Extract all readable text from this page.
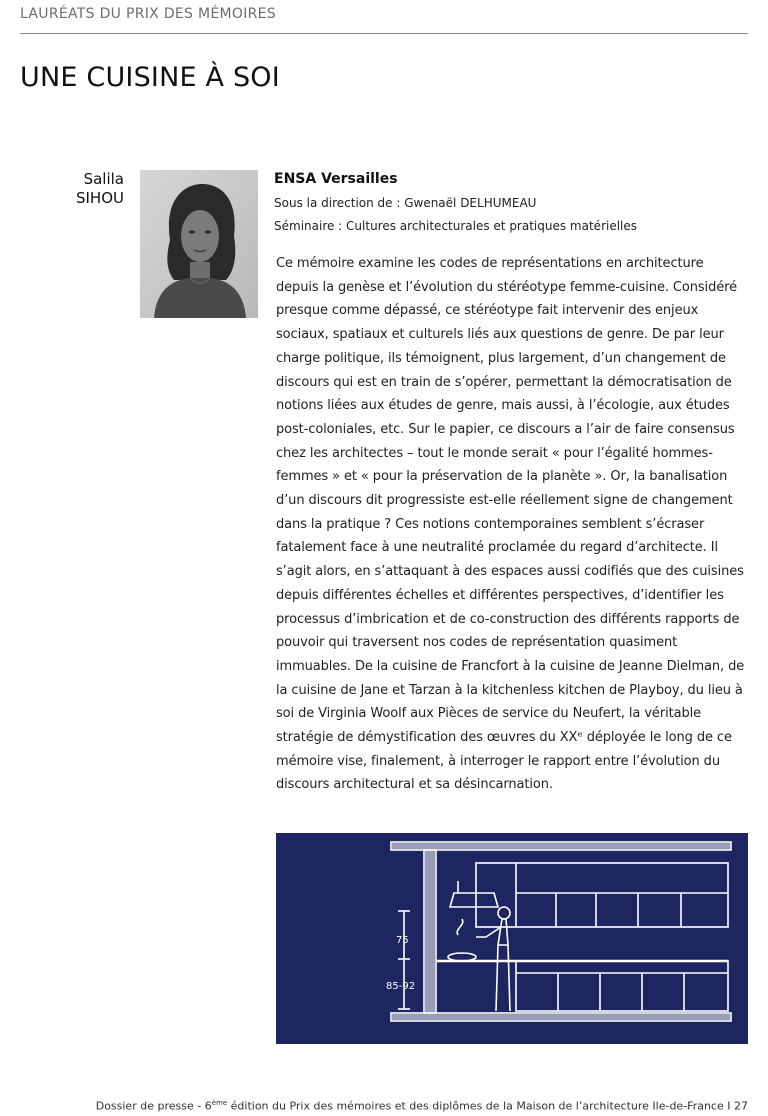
LAURÉATS DU PRIX DES MÉMOIRES
UNE CUISINE À SOI
Salila
SIHOU
ENSA Versailles
Sous la direction de : Gwenaël DELHUMEAU
Séminaire : Cultures architecturales et pratiques matérielles

Ce mémoire examine les codes de représentations en architecture depuis la genèse et l’évolution du stéréotype femme-cuisine. Considéré presque comme dépassé, ce stéréotype fait intervenir des enjeux sociaux, spatiaux et culturels liés aux questions de genre. De par leur charge politique, ils témoignent, plus largement, d’un changement de discours qui est en train de s’opérer, permettant la démocratisation de notions liées aux études de genre, mais aussi, à l’écologie, aux études post-coloniales, etc. Sur le papier, ce discours a l’air de faire consensus chez les architectes – tout le monde serait « pour l’égalité hommes-femmes » et « pour la préservation de la planète ». Or, la banalisation d’un discours dit progressiste est-elle réellement signe de changement dans la pratique ? Ces notions contemporaines semblent s’écraser fatalement face à une neutralité proclamée du regard d’architecte. Il s’agit alors, en s’attaquant à des espaces aussi codifiés que des cuisines depuis différentes échelles et différentes perspectives, d’identifier les processus d’imbrication et de co-construction des différents rapports de pouvoir qui traversent nos codes de représentation quasiment immuables. De la cuisine de Francfort à la cuisine de Jeanne Dielman, de la cuisine de Jane et Tarzan à la kitchenless kitchen de Playboy, du lieu à soi de Virginia Woolf aux Pièces de service du Neufert, la véritable stratégie de démystification des œuvres du XXᵉ déployée le long de ce mémoire vise, finalement, à interroger le rapport entre l’évolution du discours architectural et sa désincarnation.

75
85-92
Dossier de presse - 6ème édition du Prix des mémoires et des diplômes de la Maison de l’architecture Ile-de-France I 27
